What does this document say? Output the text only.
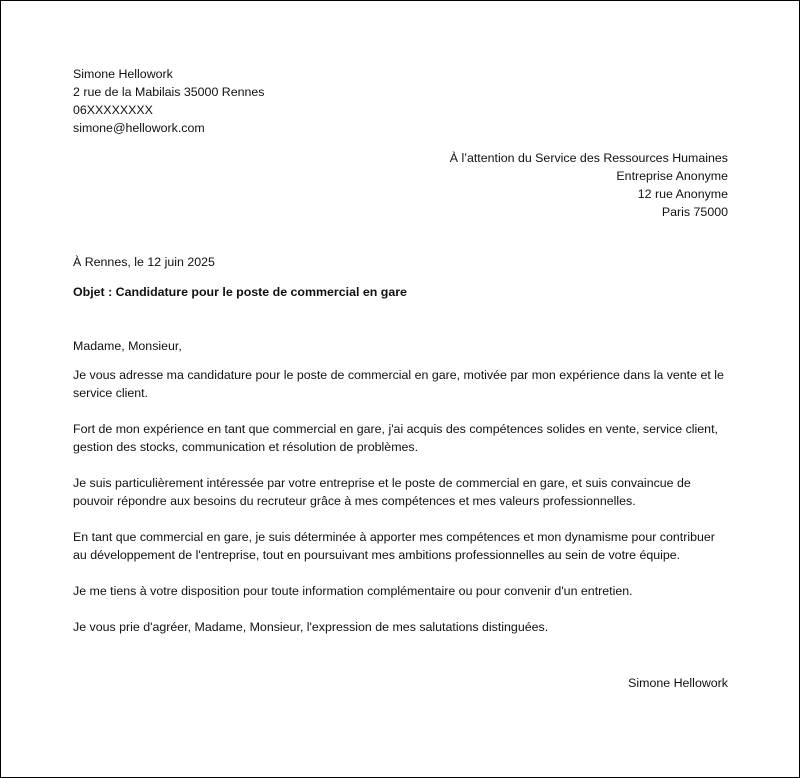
Simone Hellowork

2 rue de la Mabilais 35000 Rennes

06XXXXXXXX

simone@hellowork.com

À l’attention du Service des Ressources Humaines

Entreprise Anonyme

12 rue Anonyme

Paris 75000

À Rennes, le 12 juin 2025

Objet : Candidature pour le poste de commercial en gare

Madame, Monsieur,

Je vous adresse ma candidature pour le poste de commercial en gare, motivée par mon expérience dans la vente et le service client.

Fort de mon expérience en tant que commercial en gare, j'ai acquis des compétences solides en vente, service client, gestion des stocks, communication et résolution de problèmes.

Je suis particulièrement intéressée par votre entreprise et le poste de commercial en gare, et suis convaincue de pouvoir répondre aux besoins du recruteur grâce à mes compétences et mes valeurs professionnelles.

En tant que commercial en gare, je suis déterminée à apporter mes compétences et mon dynamisme pour contribuer au développement de l'entreprise, tout en poursuivant mes ambitions professionnelles au sein de votre équipe.

Je me tiens à votre disposition pour toute information complémentaire ou pour convenir d'un entretien.

Je vous prie d'agréer, Madame, Monsieur, l'expression de mes salutations distinguées.

Simone Hellowork
